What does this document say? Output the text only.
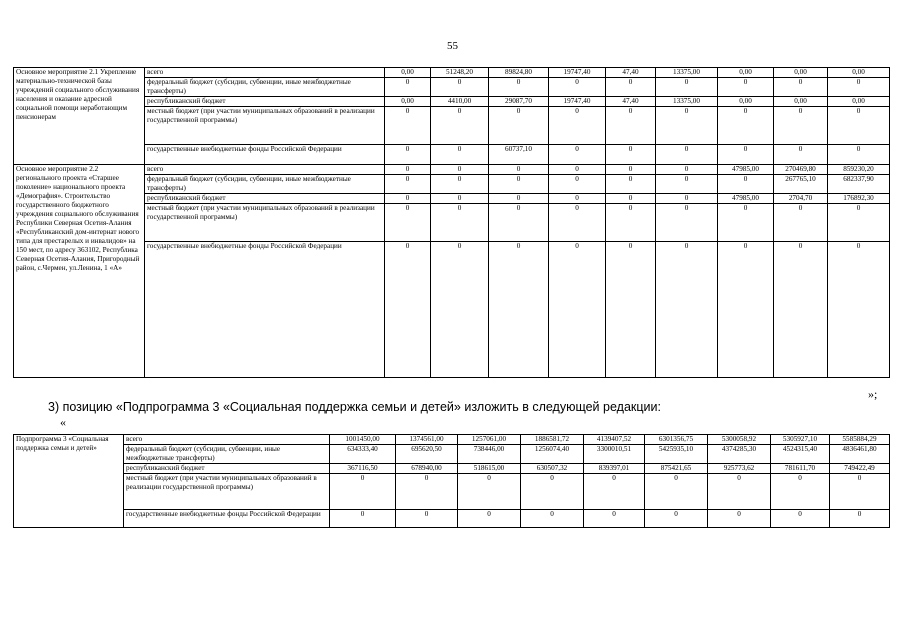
55
Основное мероприятие 2.1 Укрепление материально-технической базы учреждений социального обслуживания населения и оказание адресной социальной помощи неработающим пенсионерам	всего	0,00	51248,20	89824,80	19747,40	47,40	13375,00	0,00	0,00	0,00
	федеральный бюджет (субсидии, субвенции, иные межбюджетные трансферты)	0	0	0	0	0	0	0	0	0
	республиканский бюджет	0,00	4410,00	29087,70	19747,40	47,40	13375,00	0,00	0,00	0,00
	местный бюджет (при участии муниципальных образований в реализации государственной программы)	0	0	0	0	0	0	0	0	0
	государственные внебюджетные фонды Российской Федерации	0	0	60737,10	0	0	0	0	0	0
Основное мероприятие 2.2 регионального проекта «Старшее поколение» национального проекта «Демография». Строительство государственного бюджетного учреждения социального обслуживания Республики Северная Осетия-Алания «Республиканский дом-интернат нового типа для престарелых и инвалидов» на 150 мест, по адресу 363102, Республика Северная Осетия-Алания, Пригородный район, с.Чермен, ул.Ленина, 1 «А»	всего	0	0	0	0	0	0	47985,00	270469,80	859230,20
	федеральный бюджет (субсидии, субвенции, иные межбюджетные трансферты)	0	0	0	0	0	0	0	267765,10	682337,90
	республиканский бюджет	0	0	0	0	0	0	47985,00	2704,70	176892,30
	местный бюджет (при участии муниципальных образований в реализации государственной программы)	0	0	0	0	0	0	0	0	0
	государственные внебюджетные фонды Российской Федерации	0	0	0	0	0	0	0	0	0
»;
3) позицию «Подпрограмма 3 «Социальная поддержка семьи и детей» изложить в следующей редакции:
«
Подпрограмма 3 «Социальная поддержка семьи и детей»	всего	1001450,00	1374561,00	1257061,00	1886581,72	4139407,52	6301356,75	5300058,92	5305927,10	5585884,29
	федеральный бюджет (субсидии, субвенции, иные межбюджетные трансферты)	634333,40	695620,50	738446,00	1256074,40	3300010,51	5425935,10	4374285,30	4524315,40	4836461,80
	республиканский бюджет	367116,50	678940,00	518615,00	630507,32	839397,01	875421,65	925773,62	781611,70	749422,49
	местный бюджет (при участии муниципальных образований в реализации государственной программы)	0	0	0	0	0	0	0	0	0
	государственные внебюджетные фонды Российской Федерации	0	0	0	0	0	0	0	0	0
